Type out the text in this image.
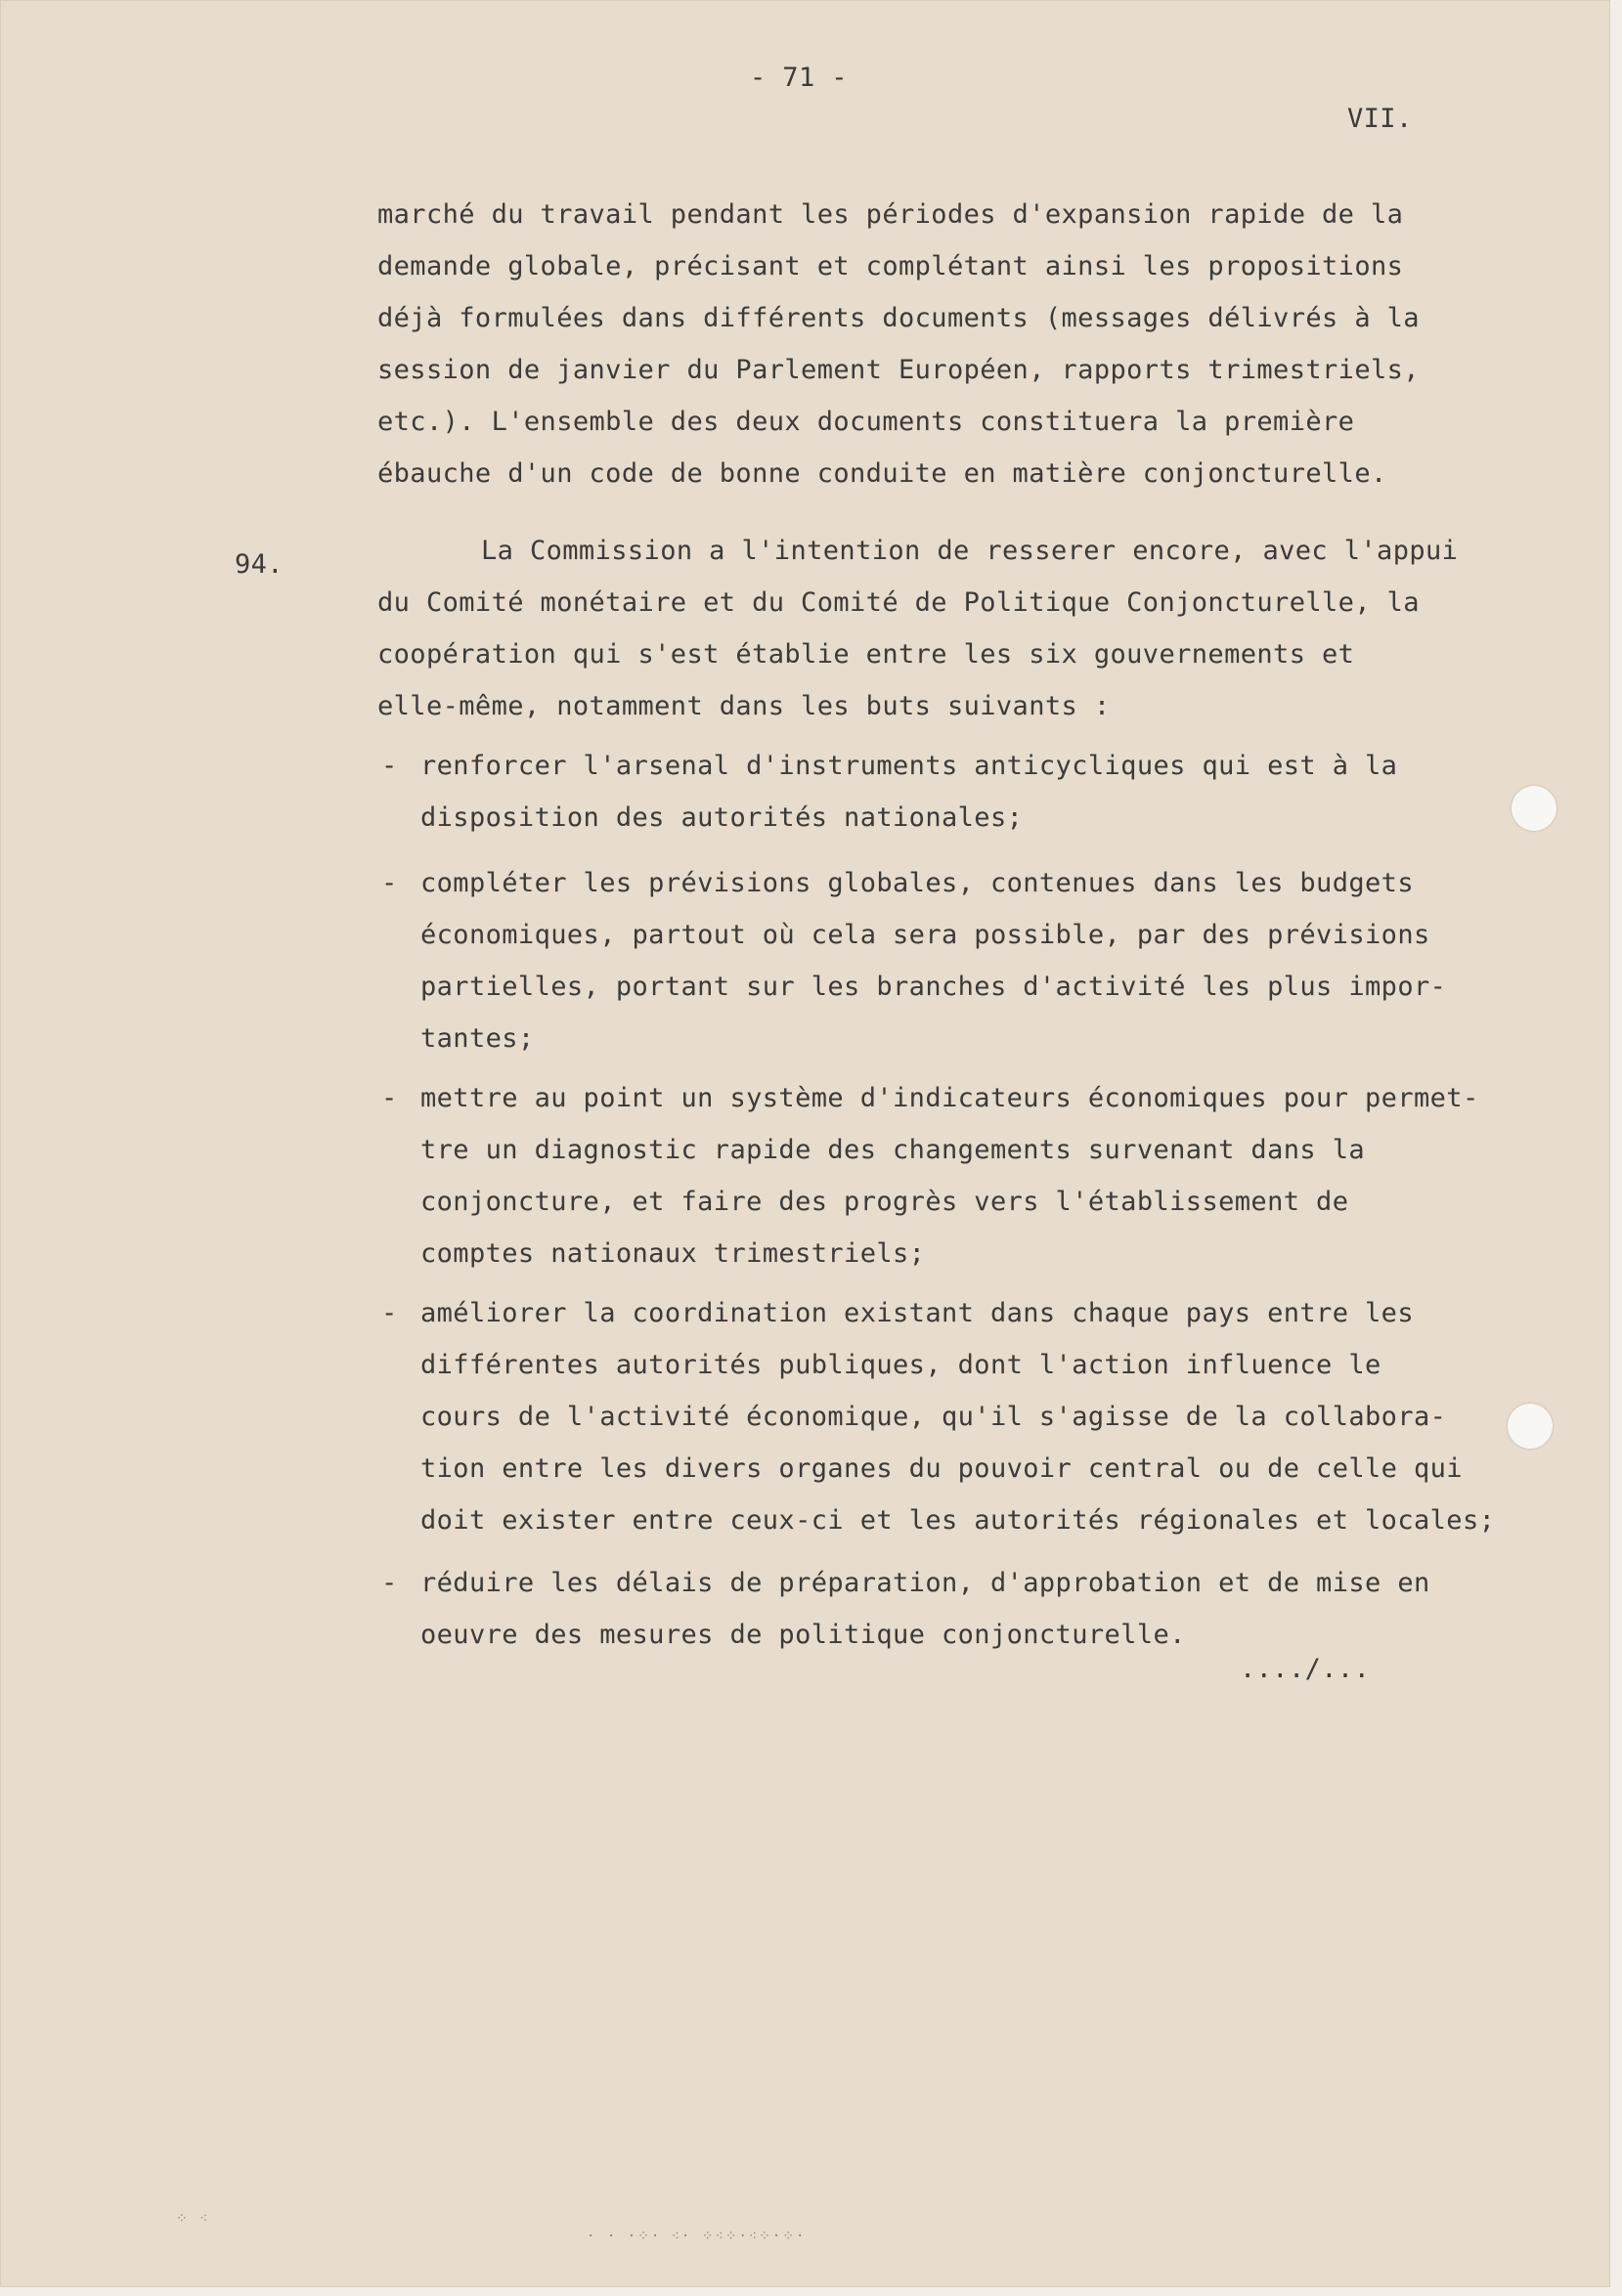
- 71 -
VII.
marché du travail pendant les périodes d'expansion rapide de la
demande globale, précisant et complétant ainsi les propositions
déjà formulées dans différents documents (messages délivrés à la
session de janvier du Parlement Européen, rapports trimestriels,
etc.). L'ensemble des deux documents constituera la première
ébauche d'un code de bonne conduite en matière conjoncturelle.
94.	La Commission a l'intention de resserer encore, avec l'appui
du Comité monétaire et du Comité de Politique Conjoncturelle, la
coopération qui s'est établie entre les six gouvernements et
elle-même, notamment dans les buts suivants :
- renforcer l'arsenal d'instruments anticycliques qui est à la
disposition des autorités nationales;
- compléter les prévisions globales, contenues dans les budgets
économiques, partout où cela sera possible, par des prévisions
partielles, portant sur les branches d'activité les plus impor-
tantes;
- mettre au point un système d'indicateurs économiques pour permet-
tre un diagnostic rapide des changements survenant dans la
conjoncture, et faire des progrès vers l'établissement de
comptes nationaux trimestriels;
- améliorer la coordination existant dans chaque pays entre les
différentes autorités publiques, dont l'action influence le
cours de l'activité économique, qu'il s'agisse de la collabora-
tion entre les divers organes du pouvoir central ou de celle qui
doit exister entre ceux-ci et les autorités régionales et locales;
- réduire les délais de préparation, d'approbation et de mise en
oeuvre des mesures de politique conjoncturelle.
..../...
⁘ ⁖
· · ·⁘· ⁖· ⁘⁖⁘·⁖⁘·⁘·
